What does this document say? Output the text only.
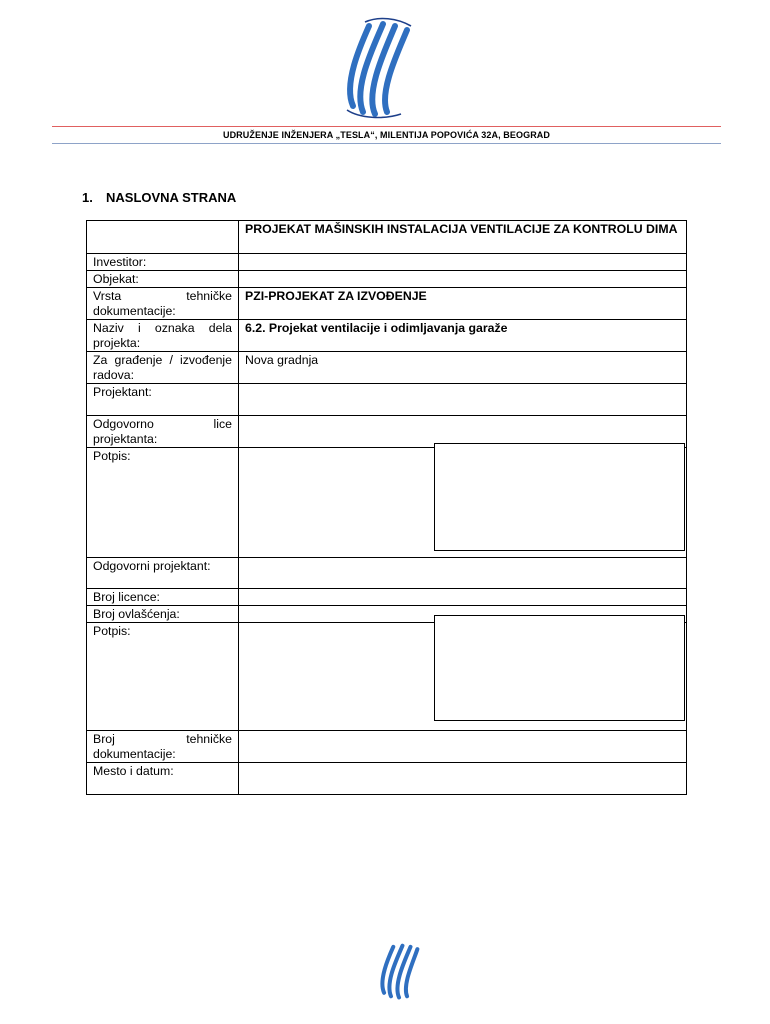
UDRUŽENJE INŽENJERA „TESLA“, MILENTIJA POPOVIĆA 32A, BEOGRAD
1. NASLOVNA STRANA
	PROJEKAT MAŠINSKIH INSTALACIJA VENTILACIJE ZA KONTROLU DIMA
Investitor:	
Objekat:	
Vrsta tehničke dokumentacije:	PZI-PROJEKAT ZA IZVOĐENJE
Naziv i oznaka dela projekta:	6.2. Projekat ventilacije i odimljavanja garaže
Za građenje / izvođenje radova:	Nova gradnja
Projektant:	
Odgovorno lice projektanta:	
Potpis:	
Odgovorni projektant:	
Broj licence:	
Broj ovlašćenja:	
Potpis:	
Broj tehničke dokumentacije:	
Mesto i datum:	
